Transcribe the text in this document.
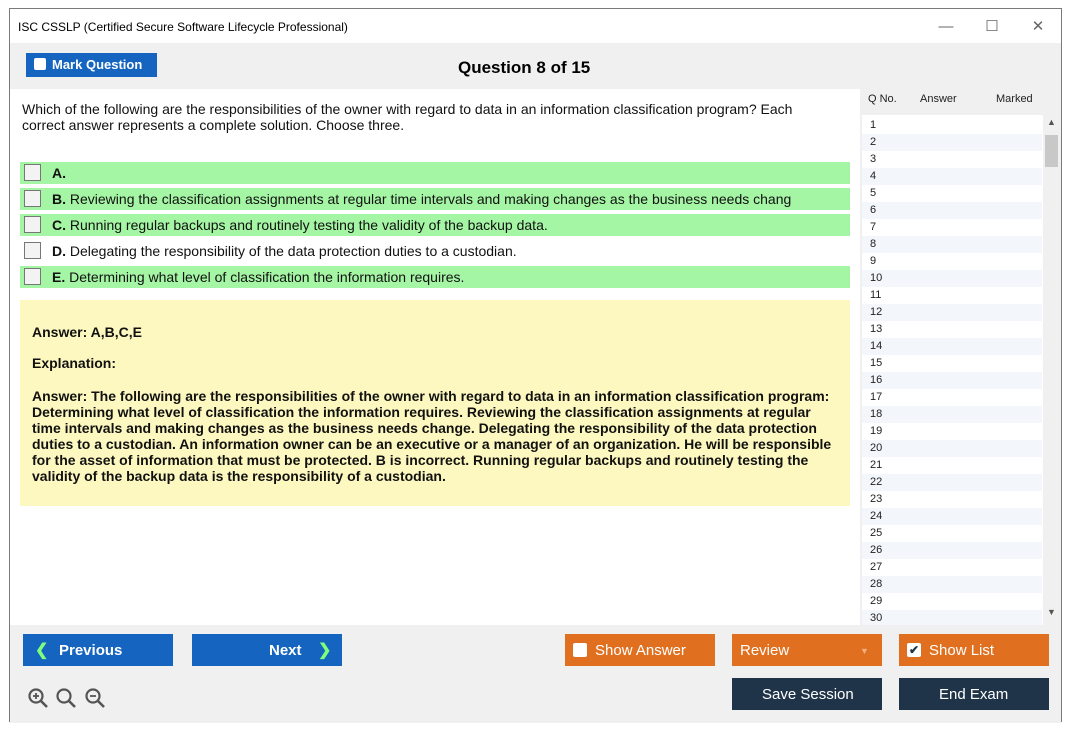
ISC CSSLP (Certified Secure Software Lifecycle Professional)	—	☐	✕
Mark Question	Question 8 of 15
Which of the following are the responsibilities of the owner with regard to data in an information classification program? Each correct answer represents a complete solution. Choose three.
A.
B. Reviewing the classification assignments at regular time intervals and making changes as the business needs chang
C. Running regular backups and routinely testing the validity of the backup data.
D. Delegating the responsibility of the data protection duties to a custodian.
E. Determining what level of classification the information requires.
Answer: A,B,C,E
Explanation:
Answer: The following are the responsibilities of the owner with regard to data in an information classification program: Determining what level of classification the information requires. Reviewing the classification assignments at regular time intervals and making changes as the business needs change. Delegating the responsibility of the data protection duties to a custodian. An information owner can be an executive or a manager of an organization. He will be responsible for the asset of information that must be protected. B is incorrect. Running regular backups and routinely testing the validity of the backup data is the responsibility of a custodian.
Q No. Answer	Marked
1
2
3
4
5
6
7
8
9
10
11
12
13
14
15
16
17
18
19
20
21
22
23
24
25
26
27
28
29
30
▲
▼
❮ Previous	Next ❯	Show Answer	Review	▼	✔ Show List
Save Session	End Exam
